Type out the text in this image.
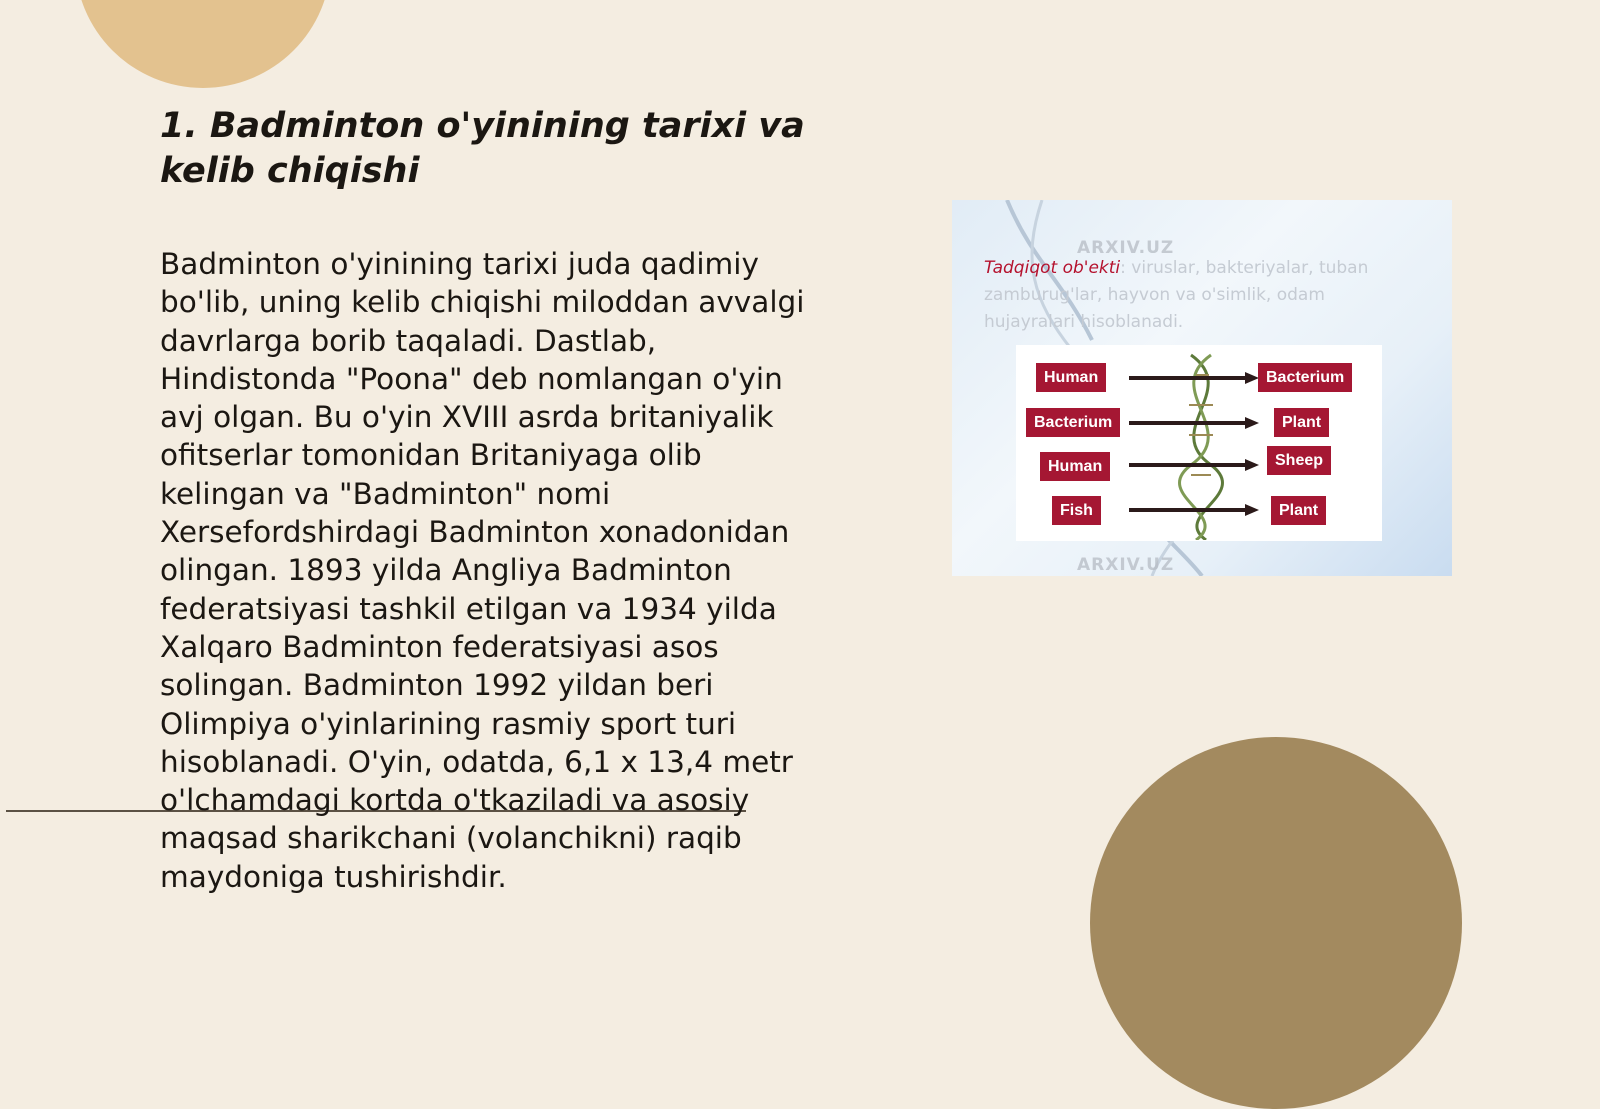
1. Badminton o'yinining tarixi va kelib chiqishi
Badminton o'yinining tarixi juda qadimiy bo'lib, uning kelib chiqishi miloddan avvalgi davrlarga borib taqaladi. Dastlab, Hindistonda "Poona" deb nomlangan o'yin avj olgan. Bu o'yin XVIII asrda britaniyalik ofitserlar tomonidan Britaniyaga olib kelingan va "Badminton" nomi Xersefordshirdagi Badminton xonadonidan olingan. 1893 yilda Angliya Badminton federatsiyasi tashkil etilgan va 1934 yilda Xalqaro Badminton federatsiyasi asos solingan. Badminton 1992 yildan beri Olimpiya o'yinlarining rasmiy sport turi hisoblanadi. O'yin, odatda, 6,1 x 13,4 metr o'lchamdagi kortda o'tkaziladi va asosiy maqsad sharikchani (volanchikni) raqib maydoniga tushirishdir.
ARXIV.UZ
Tadqiqot ob'ekti: viruslar, bakteriyalar, tuban zamburug'lar, hayvon va o'simlik, odam hujayralari hisoblanadi.
Human	Bacterium
Bacterium	Plant
Human	Sheep
Fish	Plant
ARXIV.UZ
